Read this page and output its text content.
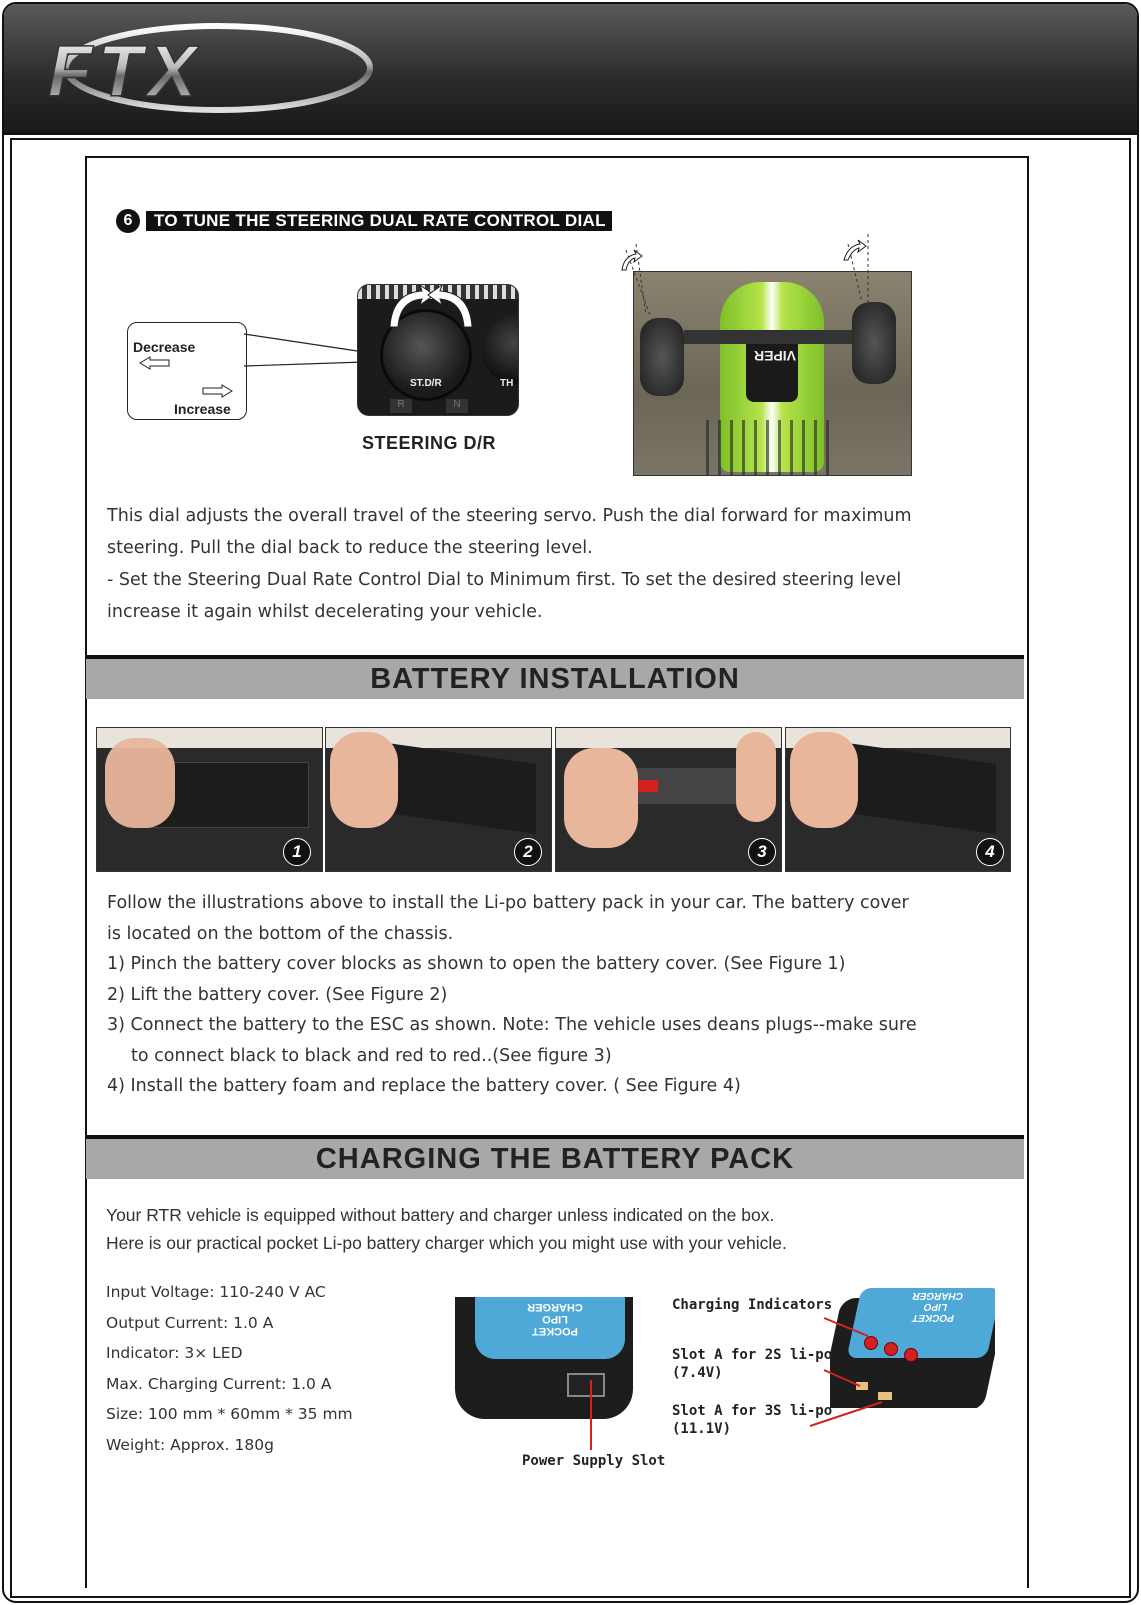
FTX
6	TO TUNE THE STEERING DUAL RATE CONTROL DIAL
Decrease
Increase
ST.D/R	TH
R	N
STEERING D/R
VIPER

This dial adjusts the overall travel of the steering servo. Push the dial forward for maximum

steering. Pull the dial back to reduce the steering level.

- Set the Steering Dual Rate Control Dial to Minimum first. To set the desired steering level

increase it again whilst decelerating your vehicle.

BATTERY INSTALLATION
1	2	3	4

Follow the illustrations above to install the Li-po battery pack in your car. The battery cover

is located on the bottom of the chassis.

1) Pinch the battery cover blocks as shown to open the battery cover. (See Figure 1)

2) Lift the battery cover. (See Figure 2)

3) Connect the battery to the ESC as shown. Note: The vehicle uses deans plugs--make sure

to connect black to black and red to red..(See figure 3)

4) Install the battery foam and replace the battery cover. ( See Figure 4)

CHARGING THE BATTERY PACK
Your RTR vehicle is equipped without battery and charger unless indicated on the box.
Here is our practical pocket Li-po battery charger which you might use with your vehicle.
Input Voltage: 110-240 V AC
Output Current: 1.0 A
Indicator: 3× LED
Max. Charging Current: 1.0 A
Size: 100 mm * 60mm * 35 mm
Weight: Approx. 180g
POCKET
LIPO
CHARGER
Power Supply Slot
POCKET
LIPO
CHARGER
Charging Indicators
Slot A for 2S li-po
(7.4V)
Slot A for 3S li-po
(11.1V)
